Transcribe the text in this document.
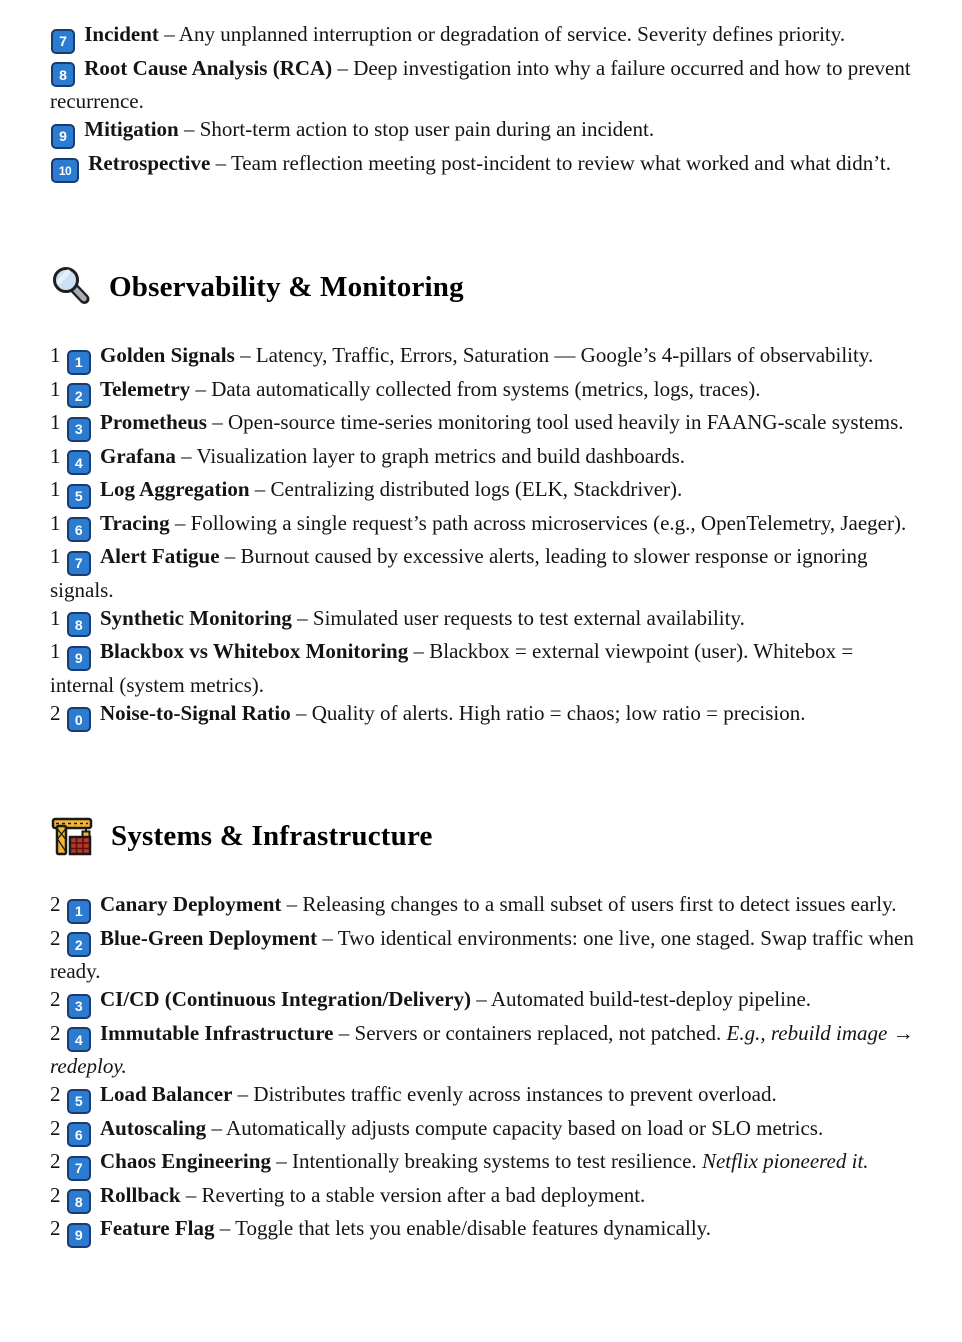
7 Incident – Any unplanned interruption or degradation of service. Severity defines priority.

8 Root Cause Analysis (RCA) – Deep investigation into why a failure occurred and how to prevent recurrence.

9 Mitigation – Short-term action to stop user pain during an incident.

10 Retrospective – Team reflection meeting post-incident to review what worked and what didn’t.

Observability & Monitoring

1 1 Golden Signals – Latency, Traffic, Errors, Saturation — Google’s 4-pillars of observability.

1 2 Telemetry – Data automatically collected from systems (metrics, logs, traces).

1 3 Prometheus – Open-source time-series monitoring tool used heavily in FAANG-scale systems.

1 4 Grafana – Visualization layer to graph metrics and build dashboards.

1 5 Log Aggregation – Centralizing distributed logs (ELK, Stackdriver).

1 6 Tracing – Following a single request’s path across microservices (e.g., OpenTelemetry, Jaeger).

1 7 Alert Fatigue – Burnout caused by excessive alerts, leading to slower response or ignoring signals.

1 8 Synthetic Monitoring – Simulated user requests to test external availability.

1 9 Blackbox vs Whitebox Monitoring – Blackbox = external viewpoint (user). Whitebox = internal (system metrics).

2 0 Noise-to-Signal Ratio – Quality of alerts. High ratio = chaos; low ratio = precision.

Systems & Infrastructure

2 1 Canary Deployment – Releasing changes to a small subset of users first to detect issues early.

2 2 Blue-Green Deployment – Two identical environments: one live, one staged. Swap traffic when ready.

2 3 CI/CD (Continuous Integration/Delivery) – Automated build-test-deploy pipeline.

2 4 Immutable Infrastructure – Servers or containers replaced, not patched. E.g., rebuild image → redeploy.

2 5 Load Balancer – Distributes traffic evenly across instances to prevent overload.

2 6 Autoscaling – Automatically adjusts compute capacity based on load or SLO metrics.

2 7 Chaos Engineering – Intentionally breaking systems to test resilience. Netflix pioneered it.

2 8 Rollback – Reverting to a stable version after a bad deployment.

2 9 Feature Flag – Toggle that lets you enable/disable features dynamically.
